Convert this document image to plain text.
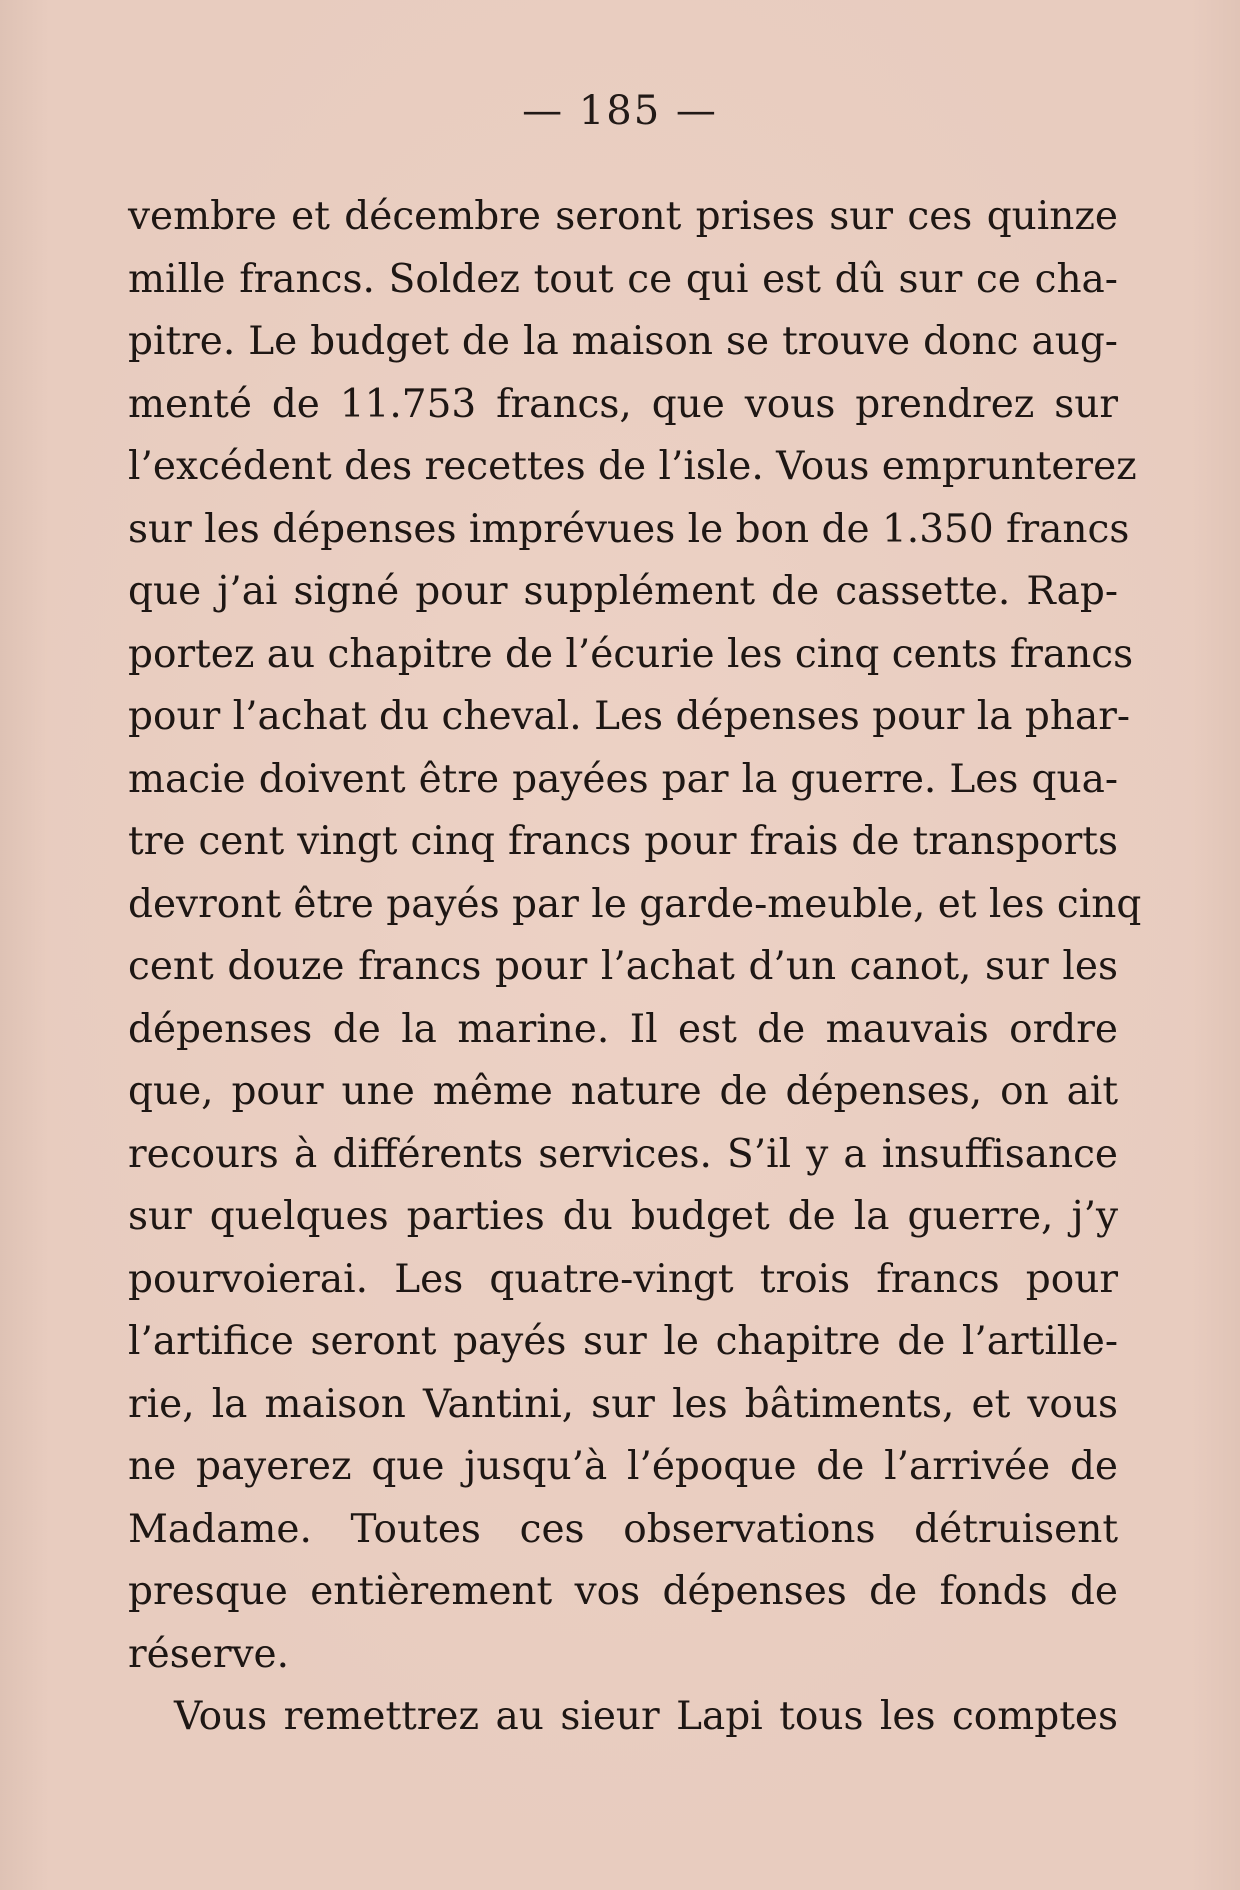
— 185 —
vembre et décembre seront prises sur ces quinze
mille francs. Soldez tout ce qui est dû sur ce cha-
pitre. Le budget de la maison se trouve donc aug-
menté de 11.753 francs, que vous prendrez sur
l’excédent des recettes de l’isle. Vous emprunterez
sur les dépenses imprévues le bon de 1.350 francs
que j’ai signé pour supplément de cassette. Rap-
portez au chapitre de l’écurie les cinq cents francs
pour l’achat du cheval. Les dépenses pour la phar-
macie doivent être payées par la guerre. Les qua-
tre cent vingt cinq francs pour frais de transports
devront être payés par le garde-meuble, et les cinq
cent douze francs pour l’achat d’un canot, sur les
dépenses de la marine. Il est de mauvais ordre
que, pour une même nature de dépenses, on ait
recours à différents services. S’il y a insuffisance
sur quelques parties du budget de la guerre, j’y
pourvoierai. Les quatre-vingt trois francs pour
l’artifice seront payés sur le chapitre de l’artille-
rie, la maison Vantini, sur les bâtiments, et vous
ne payerez que jusqu’à l’époque de l’arrivée de
Madame. Toutes ces observations détruisent
presque entièrement vos dépenses de fonds de
réserve.
Vous remettrez au sieur Lapi tous les comptes
